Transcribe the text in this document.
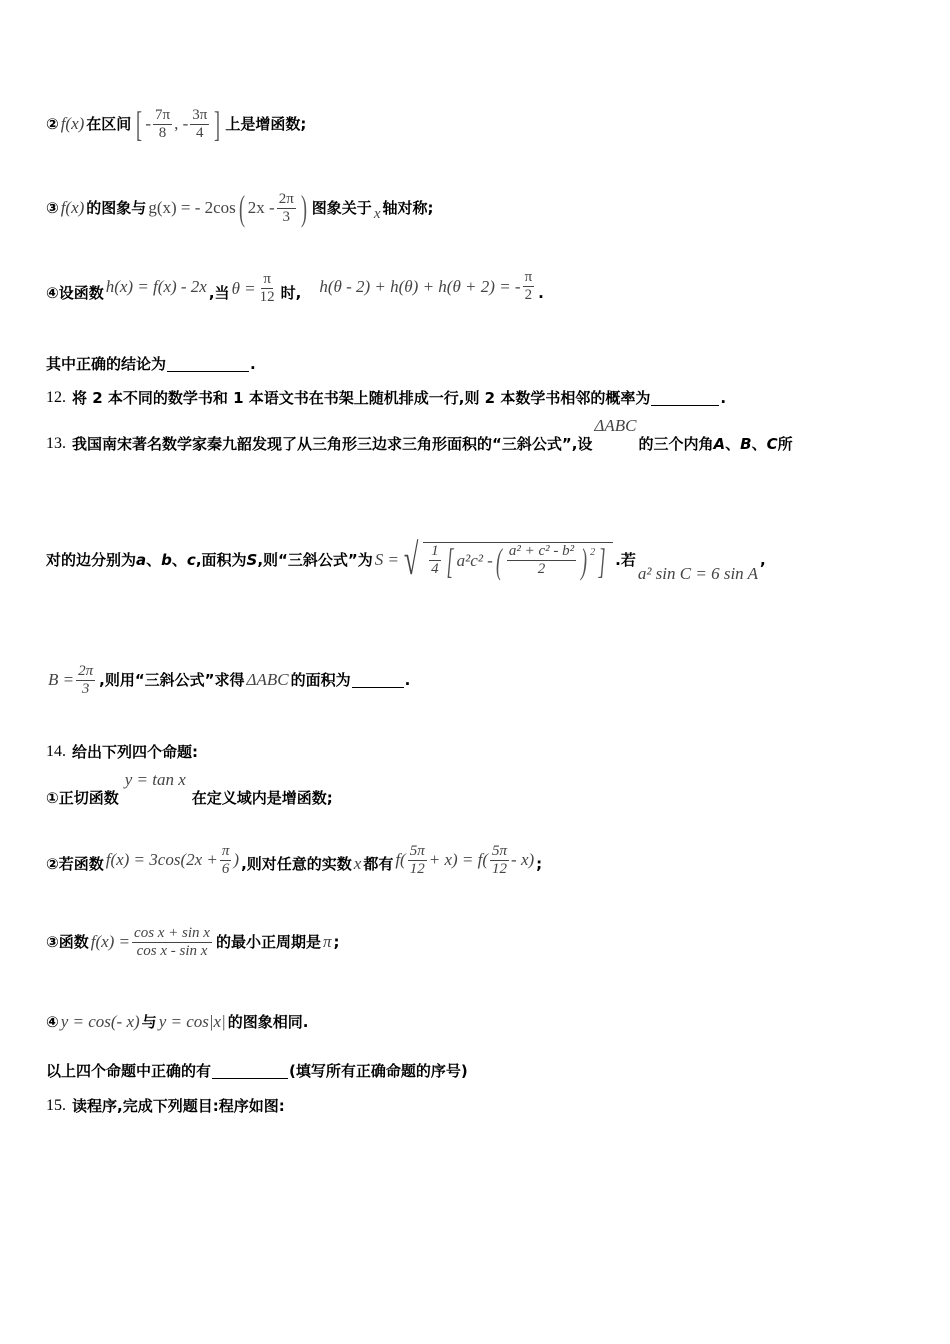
② f(x) 在区间 [ - $\frac{7\pi}{8}$ , - $\frac{3\pi}{4}$ ] 上是增函数;
③ f(x) 的图象与 g(x) = - 2cos ( $2x - \frac{2\pi}{3}$ ) 图象关于 x 轴对称;
④ 设函数 h(x) = f(x) - 2x ,当 $\theta = \frac{\pi}{12}$ 时, h(θ - 2) + h(θ) + h(θ + 2) = - $\frac{\pi}{2}$ .
其中正确的结论为	.
12. 将 2 本不同的数学书和 1 本语文书在书架上随机排成一行,则 2 本数学书相邻的概率为	.
13. 我国南宋著名数学家秦九韶发现了从三角形三边求三角形面积的“三斜公式”,设
ΔABC
的三个内角 A 、 B 、 C 所
对的边分别为 a 、 b 、 c ,面积为 S ,则“三斜公式”为 S = √ $\frac{1}{4}$ [ a²c² - ( $\frac{\text{a² + c² - b²}}{2}$ ) 2 ] .若
a² sin C = 6 sin A
,
$B = \frac{2\pi}{3}$ ,则用“三斜公式”求得 ΔABC 的面积为	.
14. 给出下列四个命题:
① 正切函数
y = tan x
在定义域内是增函数;
② 若函数 $f(x) = 3\cos(2x + \frac{\pi}{6}$ ) ,则对任意的实数 x 都有 $f( \frac{5\pi}{12} + x) = f( \frac{5\pi}{12} - x)$ ;
③ 函数 $f(x) = \frac{\text{cos x + sin x}}{\text{cos x - sin x}}$ 的最小正周期是 π ;
④ y = cos(- x) 与 y = cos|x| 的图象相同.
以上四个命题中正确的有	(填写所有正确命题的序号)
15. 读程序,完成下列题目:程序如图:
